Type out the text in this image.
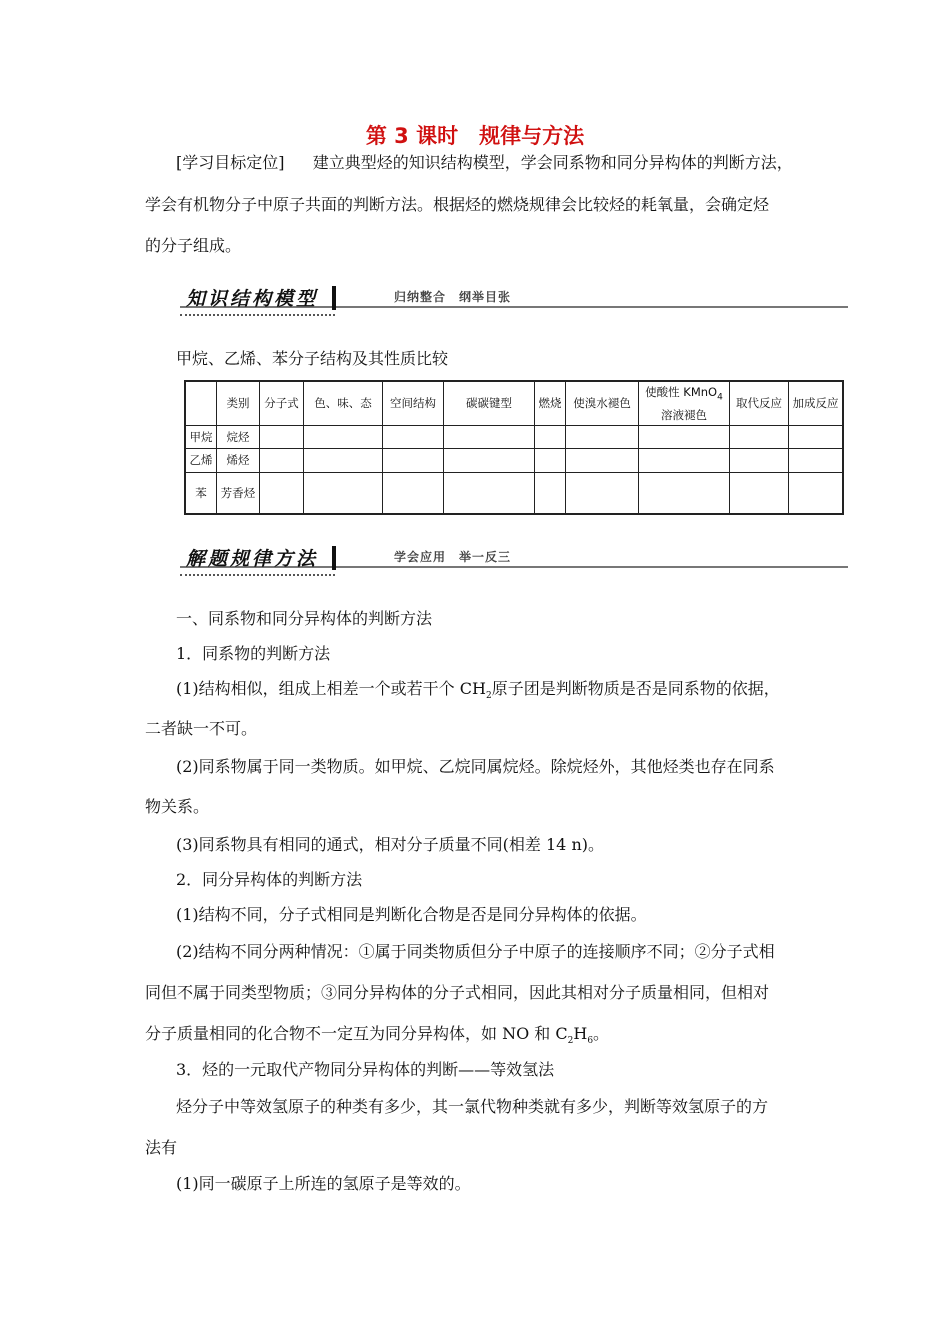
第 3 课时　规律与方法
[学习目标定位] 建立典型烃的知识结构模型，学会同系物和同分异构体的判断方法，
学会有机物分子中原子共面的判断方法。根据烃的燃烧规律会比较烃的耗氧量，会确定烃
的分子组成。
知识结构模型	归纳整合　纲举目张
甲烷、乙烯、苯分子结构及其性质比较
	类别	分子式	色、味、态	空间结构	碳碳键型	燃烧	使溴水褪色	使酸性 KMnO$_4$
溶液褪色	取代反应	加成反应
甲烷	烷烃									
乙烯	烯烃									
苯	芳香烃									
解题规律方法	学会应用　举一反三
一、同系物和同分异构体的判断方法
1．同系物的判断方法
(1)结构相似，组成上相差一个或若干个 $CH_2$原子团是判断物质是否是同系物的依据，
二者缺一不可。
(2)同系物属于同一类物质。如甲烷、乙烷同属烷烃。除烷烃外，其他烃类也存在同系
物关系。
(3)同系物具有相同的通式，相对分子质量不同(相差 14 n)。
2．同分异构体的判断方法
(1)结构不同，分子式相同是判断化合物是否是同分异构体的依据。
(2)结构不同分两种情况：①属于同类物质但分子中原子的连接顺序不同；②分子式相
同但不属于同类型物质；③同分异构体的分子式相同，因此其相对分子质量相同，但相对
分子质量相同的化合物不一定互为同分异构体，如 NO 和 $C_2H_6$。
3．烃的一元取代产物同分异构体的判断——等效氢法
烃分子中等效氢原子的种类有多少，其一氯代物种类就有多少，判断等效氢原子的方
法有
(1)同一碳原子上所连的氢原子是等效的。
